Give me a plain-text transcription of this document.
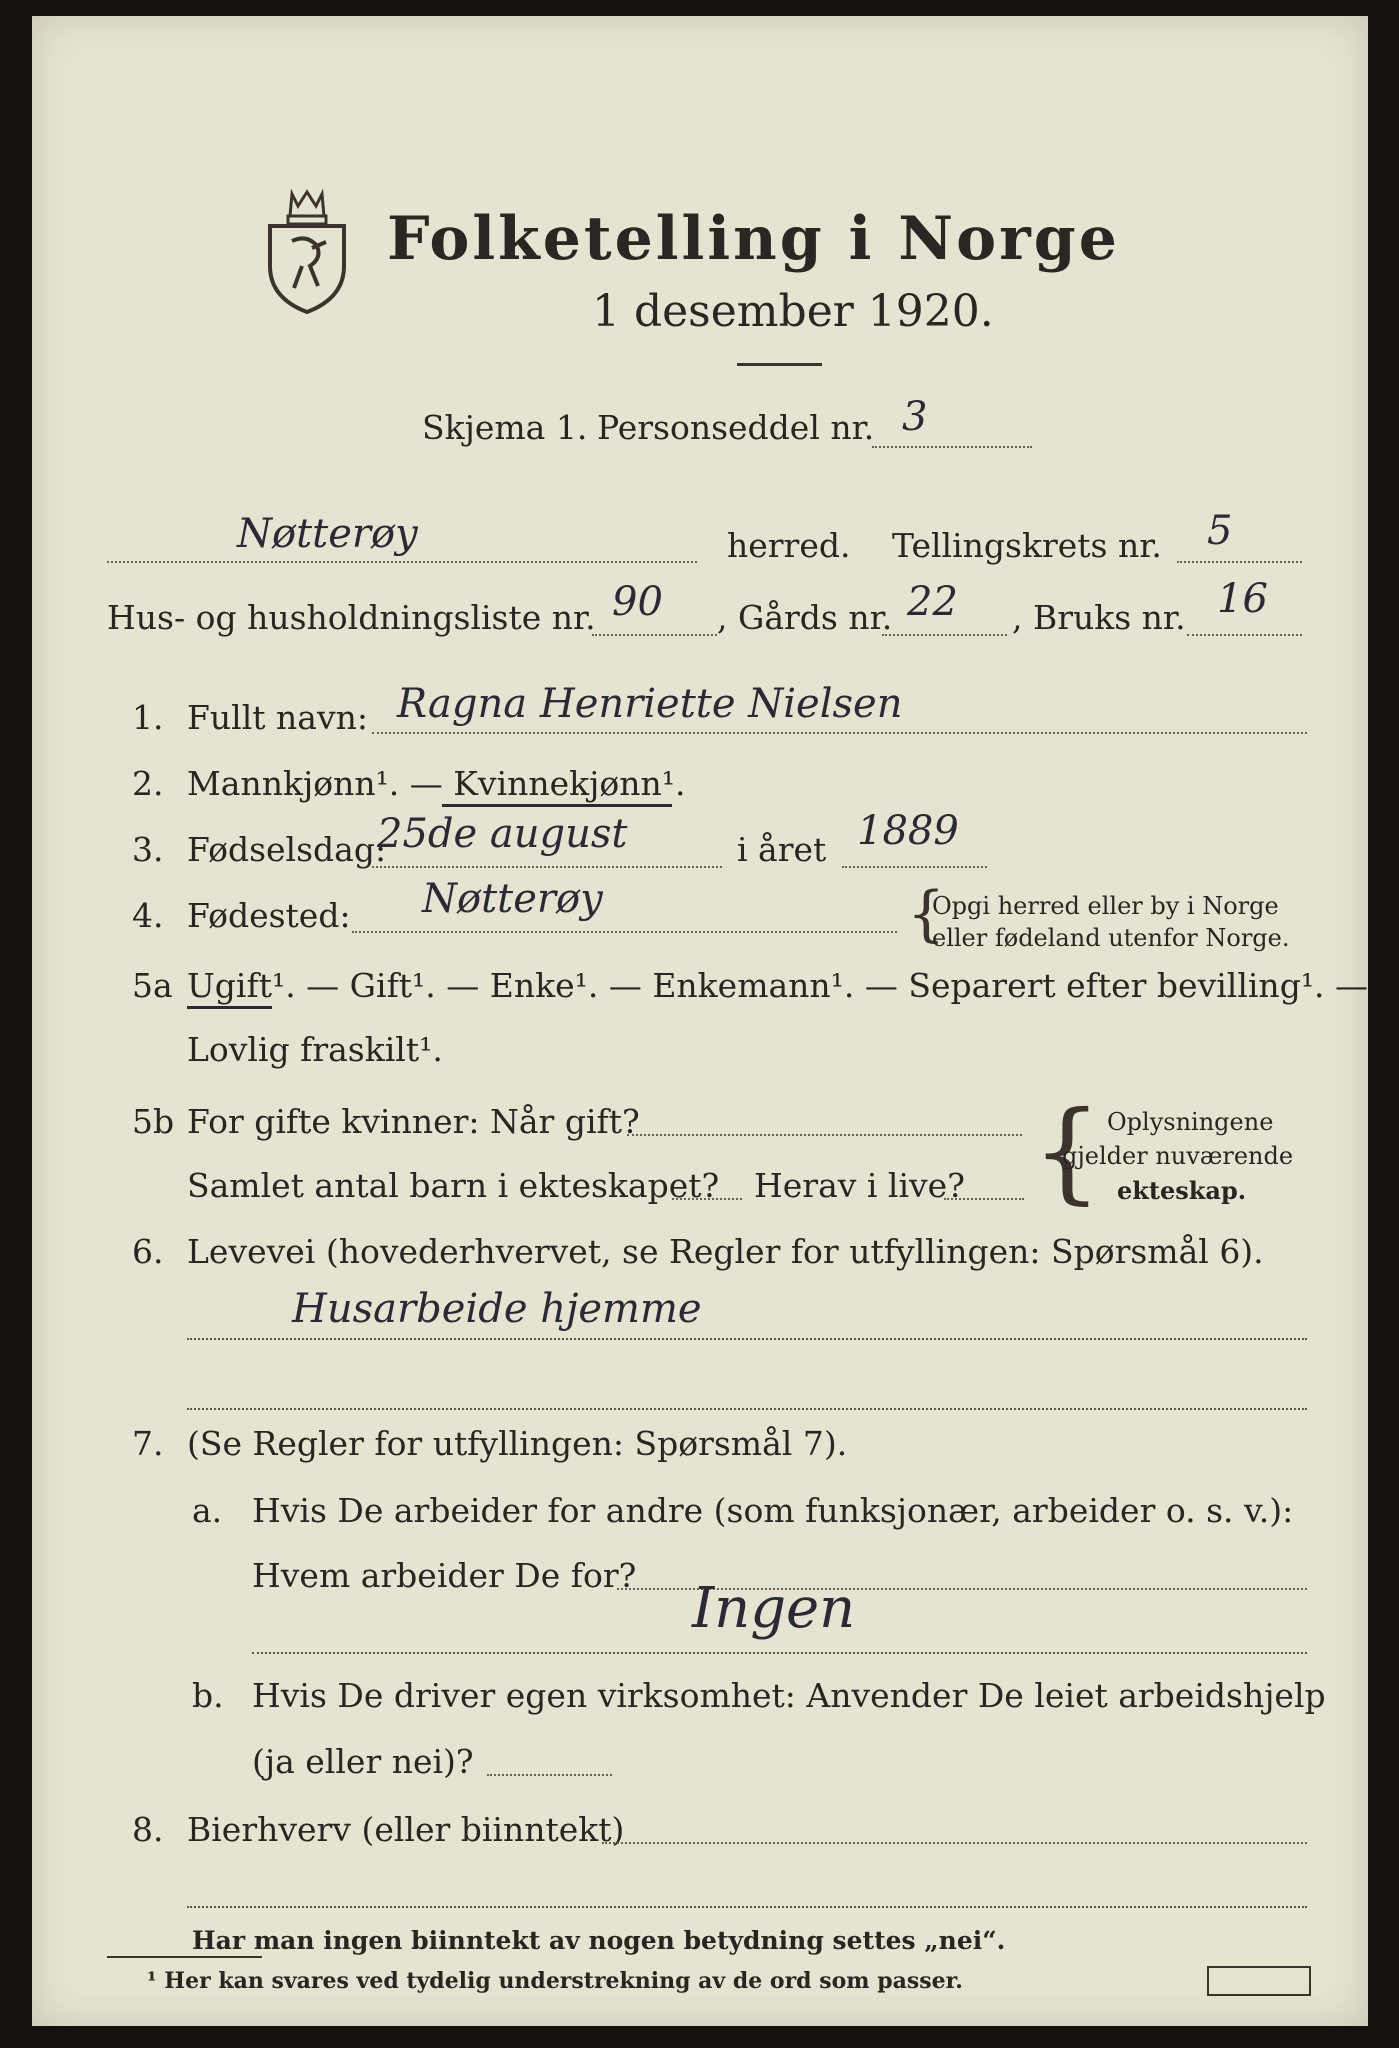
Folketelling i Norge
1 desember 1920.
Skjema 1. Personseddel nr. 3
Nøtterøy	herred. Tellingskrets nr. 5
Hus- og husholdningsliste nr. 90 , Gårds nr. 22 , Bruks nr. 16
1. Fullt navn: Ragna Henriette Nielsen
2. Mannkjønn¹. — Kvinnekjønn¹.
3. Fødselsdag:
25de august	i året 1889
4. Fødested: Nøtterøy	{
Opgi herred eller by i Norge
eller fødeland utenfor Norge.
5a Ugift¹. — Gift¹. — Enke¹. — Enkemann¹. — Separert efter bevilling¹. —
Lovlig fraskilt¹.
5b For gifte kvinner: Når gift?
Samlet antal barn i ekteskapet? Herav i live? { Oplysningene
gjelder nuværende
ekteskap.
6. Levevei (hovederhvervet, se Regler for utfyllingen: Spørsmål 6).
Husarbeide hjemme
7. (Se Regler for utfyllingen: Spørsmål 7).
a. Hvis De arbeider for andre (som funksjonær, arbeider o. s. v.):
Hvem arbeider De for?
Ingen
b. Hvis De driver egen virksomhet: Anvender De leiet arbeidshjelp
(ja eller nei)?
8. Bierhverv (eller biinntekt)
Har man ingen biinntekt av nogen betydning settes „nei“.
¹ Her kan svares ved tydelig understrekning av de ord som passer.
